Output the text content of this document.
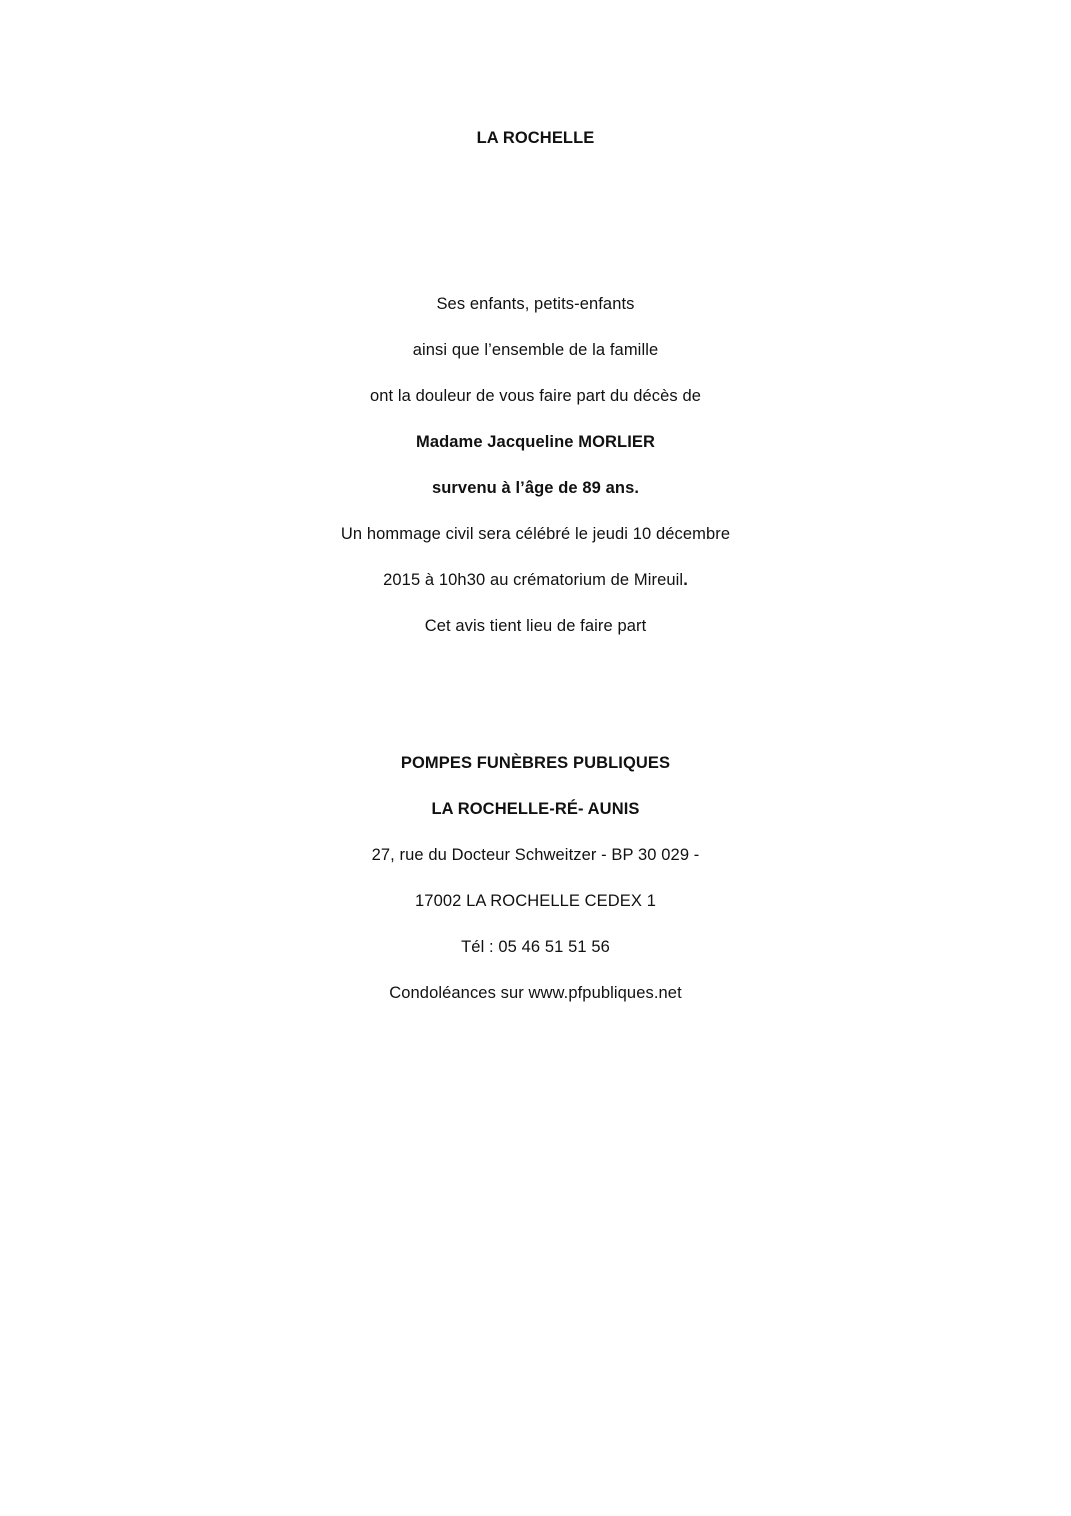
LA ROCHELLE
Ses enfants, petits-enfants
ainsi que l’ensemble de la famille
ont la douleur de vous faire part du décès de
Madame Jacqueline MORLIER
survenu à l’âge de 89 ans.
Un hommage civil sera célébré le jeudi 10 décembre
2015 à 10h30 au crématorium de Mireuil.
Cet avis tient lieu de faire part
POMPES FUNÈBRES PUBLIQUES
LA ROCHELLE-RÉ- AUNIS
27, rue du Docteur Schweitzer - BP 30 029 -
17002 LA ROCHELLE CEDEX 1
Tél : 05 46 51 51 56
Condoléances sur www.pfpubliques.net
